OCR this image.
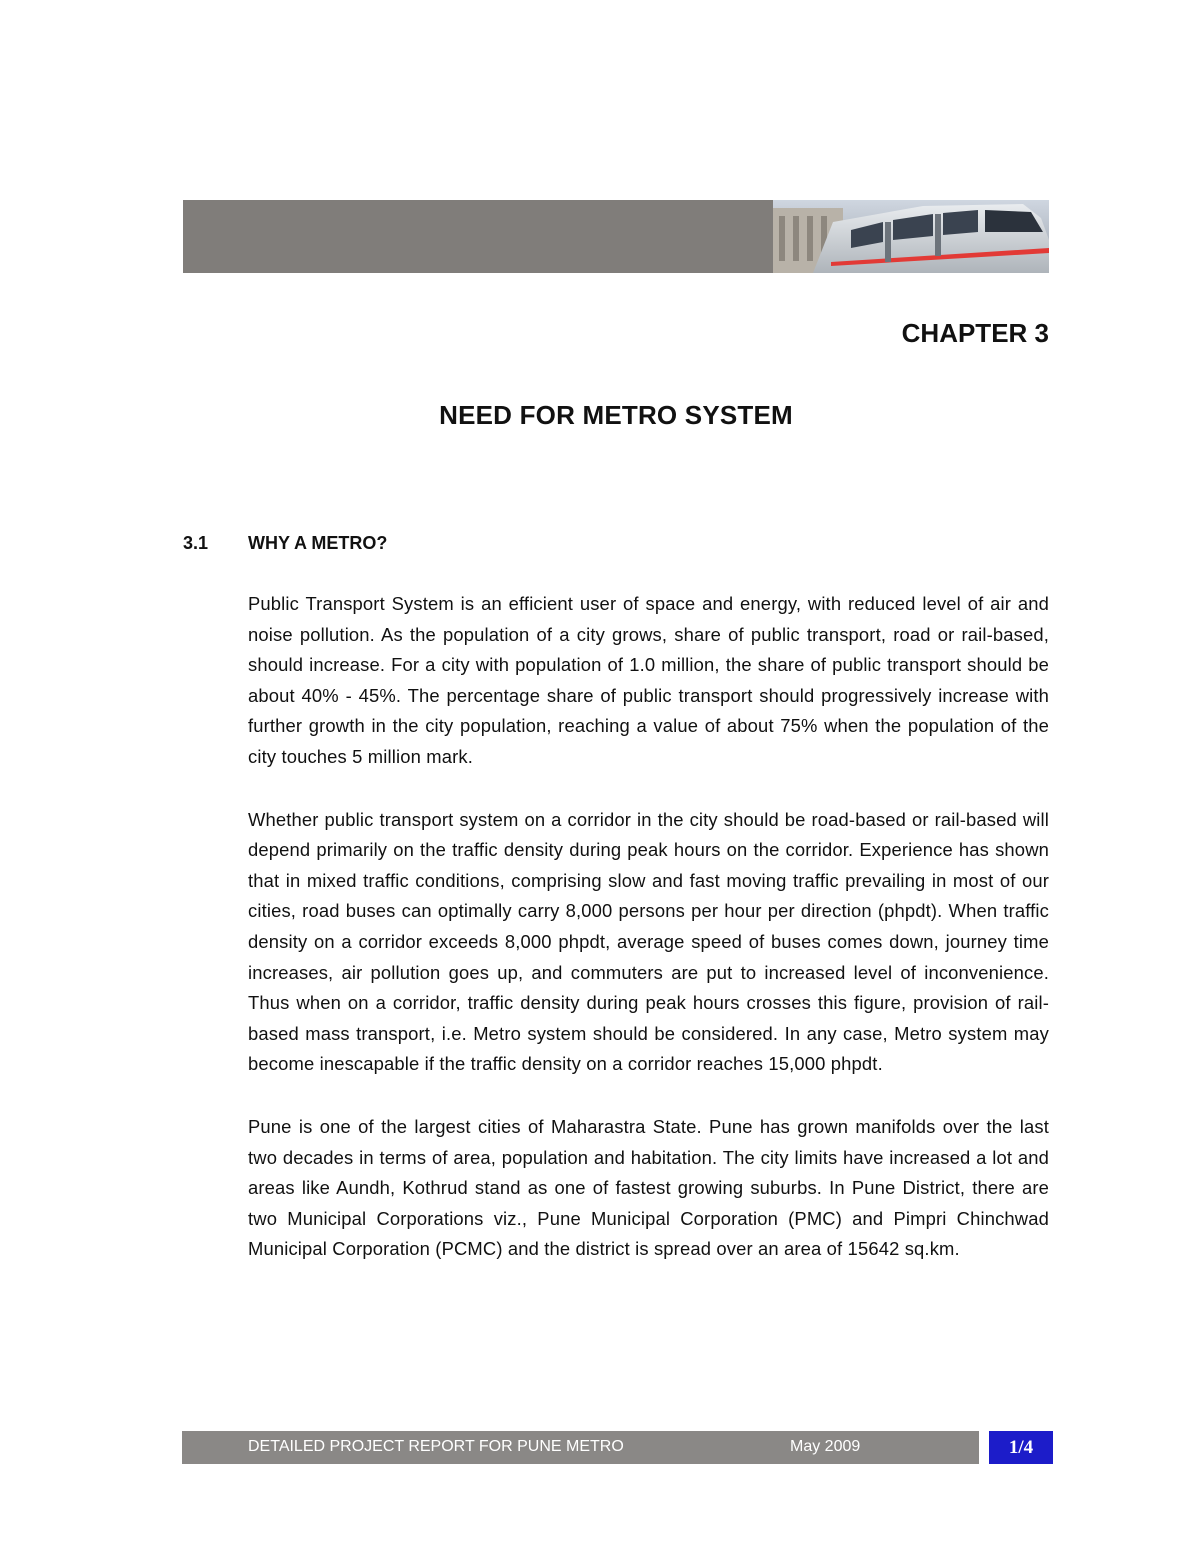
CHAPTER 3
NEED FOR METRO SYSTEM
3.1 WHY A METRO?

Public Transport System is an efficient user of space and energy, with reduced level of air and noise pollution. As the population of a city grows, share of public transport, road or rail-based, should increase. For a city with population of 1.0 million, the share of public transport should be about 40% - 45%. The percentage share of public transport should progressively increase with further growth in the city population, reaching a value of about 75% when the population of the city touches 5 million mark.

Whether public transport system on a corridor in the city should be road-based or rail-based will depend primarily on the traffic density during peak hours on the corridor. Experience has shown that in mixed traffic conditions, comprising slow and fast moving traffic prevailing in most of our cities, road buses can optimally carry 8,000 persons per hour per direction (phpdt). When traffic density on a corridor exceeds 8,000 phpdt, average speed of buses comes down, journey time increases, air pollution goes up, and commuters are put to increased level of inconvenience. Thus when on a corridor, traffic density during peak hours crosses this figure, provision of rail-based mass transport, i.e. Metro system should be considered. In any case, Metro system may become inescapable if the traffic density on a corridor reaches 15,000 phpdt.

Pune is one of the largest cities of Maharastra State. Pune has grown manifolds over the last two decades in terms of area, population and habitation. The city limits have increased a lot and areas like Aundh, Kothrud stand as one of fastest growing suburbs. In Pune District, there are two Municipal Corporations viz., Pune Municipal Corporation (PMC) and Pimpri Chinchwad Municipal Corporation (PCMC) and the district is spread over an area of 15642 sq.km.

DETAILED PROJECT REPORT FOR PUNE METRO	May 2009	1/4
